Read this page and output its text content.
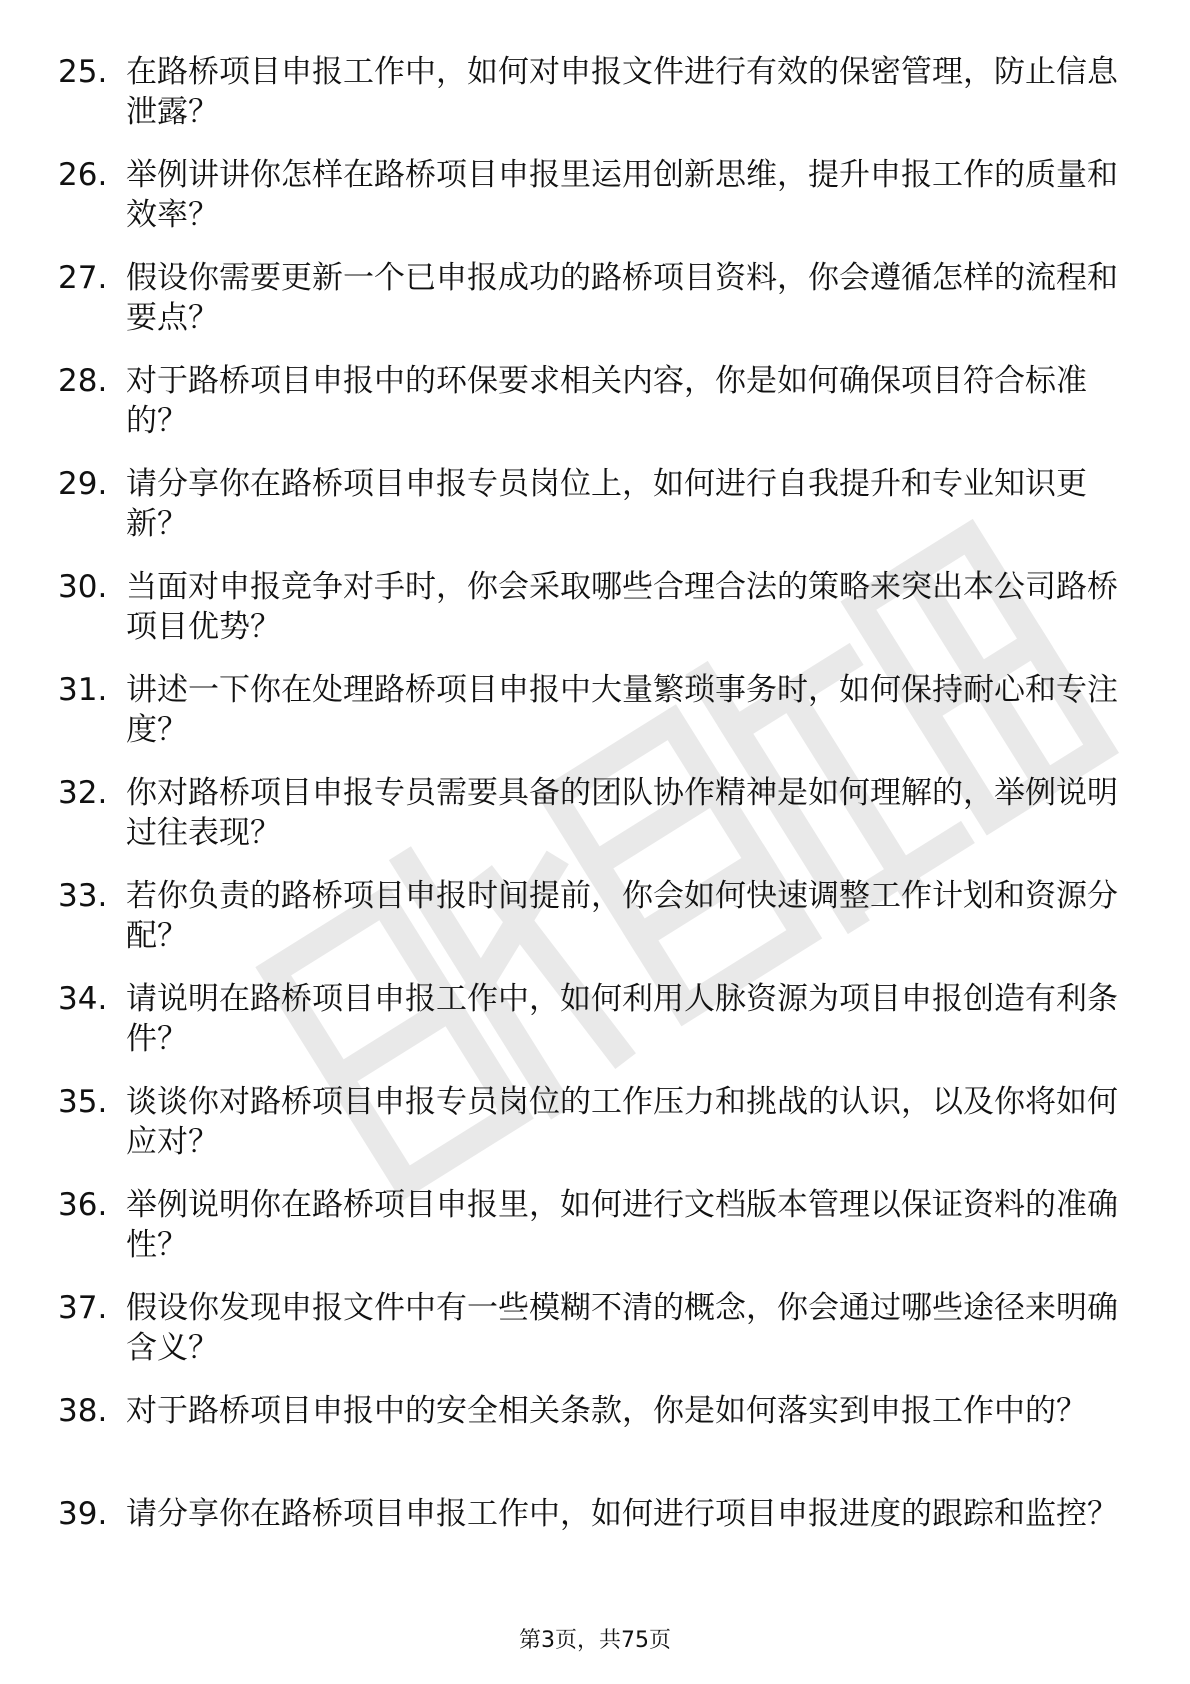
25. 在路桥项目申报工作中，如何对申报文件进行有效的保密管理，防止信息泄露？
26. 举例讲讲你怎样在路桥项目申报里运用创新思维，提升申报工作的质量和效率？
27. 假设你需要更新一个已申报成功的路桥项目资料，你会遵循怎样的流程和要点？
28. 对于路桥项目申报中的环保要求相关内容，你是如何确保项目符合标准的？
29. 请分享你在路桥项目申报专员岗位上，如何进行自我提升和专业知识更新？
30. 当面对申报竞争对手时，你会采取哪些合理合法的策略来突出本公司路桥项目优势？
31. 讲述一下你在处理路桥项目申报中大量繁琐事务时，如何保持耐心和专注度？
32. 你对路桥项目申报专员需要具备的团队协作精神是如何理解的，举例说明过往表现？
33. 若你负责的路桥项目申报时间提前，你会如何快速调整工作计划和资源分配？
34. 请说明在路桥项目申报工作中，如何利用人脉资源为项目申报创造有利条件？
35. 谈谈你对路桥项目申报专员岗位的工作压力和挑战的认识，以及你将如何应对？
36. 举例说明你在路桥项目申报里，如何进行文档版本管理以保证资料的准确性？
37. 假设你发现申报文件中有一些模糊不清的概念，你会通过哪些途径来明确含义？
38. 对于路桥项目申报中的安全相关条款，你是如何落实到申报工作中的？
39. 请分享你在路桥项目申报工作中，如何进行项目申报进度的跟踪和监控？
第3页，共75页
